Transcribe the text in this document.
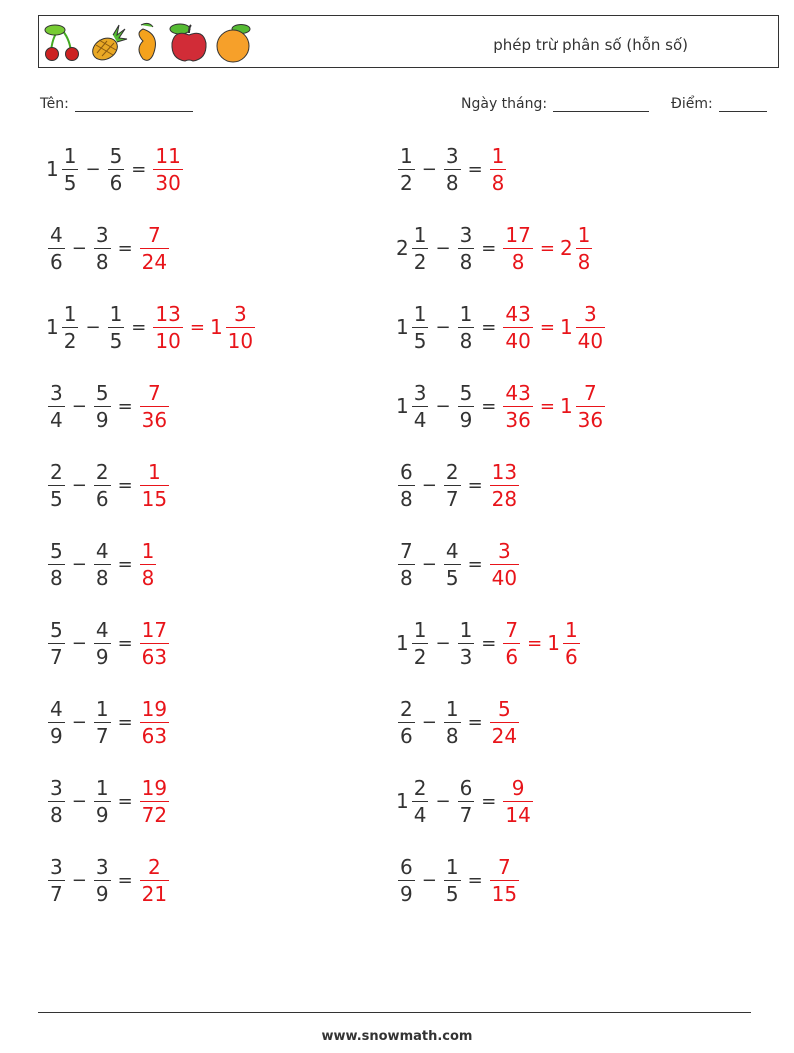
phép trừ phân số (hỗn số)
Tên:	Ngày tháng:	Điểm:
$1 \frac{1}{5} - \frac{5}{6} = \frac{11}{30}$	$\frac{1}{2} - \frac{3}{8} = \frac{1}{8}$
$\frac{4}{6} - \frac{3}{8} = \frac{7}{24}$	$2 \frac{1}{2} - \frac{3}{8} = \frac{17}{8} = 2 \frac{1}{8}$
$1 \frac{1}{2} - \frac{1}{5} = \frac{13}{10} = 1 \frac{3}{10}$	$1 \frac{1}{5} - \frac{1}{8} = \frac{43}{40} = 1 \frac{3}{40}$
$\frac{3}{4} - \frac{5}{9} = \frac{7}{36}$	$1 \frac{3}{4} - \frac{5}{9} = \frac{43}{36} = 1 \frac{7}{36}$
$\frac{2}{5} - \frac{2}{6} = \frac{1}{15}$	$\frac{6}{8} - \frac{2}{7} = \frac{13}{28}$
$\frac{5}{8} - \frac{4}{8} = \frac{1}{8}$	$\frac{7}{8} - \frac{4}{5} = \frac{3}{40}$
$\frac{5}{7} - \frac{4}{9} = \frac{17}{63}$	$1 \frac{1}{2} - \frac{1}{3} = \frac{7}{6} = 1 \frac{1}{6}$
$\frac{4}{9} - \frac{1}{7} = \frac{19}{63}$	$\frac{2}{6} - \frac{1}{8} = \frac{5}{24}$
$\frac{3}{8} - \frac{1}{9} = \frac{19}{72}$	$1 \frac{2}{4} - \frac{6}{7} = \frac{9}{14}$
$\frac{3}{7} - \frac{3}{9} = \frac{2}{21}$	$\frac{6}{9} - \frac{1}{5} = \frac{7}{15}$
www.snowmath.com
